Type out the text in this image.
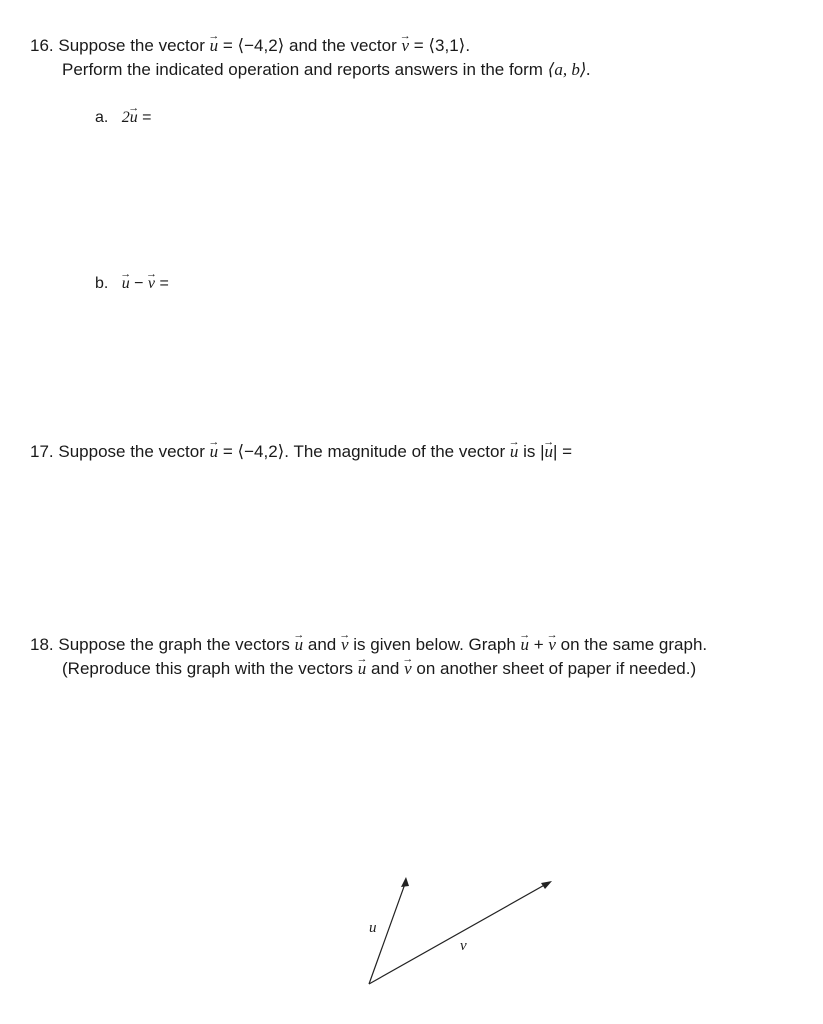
16. Suppose the vector → u = ⟨−4,2⟩ and the vector → v = ⟨3,1⟩.
Perform the indicated operation and reports answers in the form ⟨a, b⟩.
a. 2→ u =
b. → u − → v =
17. Suppose the vector → u = ⟨−4,2⟩. The magnitude of the vector → u is |→ u| =
18. Suppose the graph the vectors → u and → v is given below. Graph → u + → v on the same graph.
(Reproduce this graph with the vectors → u and → v on another sheet of paper if needed.)
u⃗
v⃗
